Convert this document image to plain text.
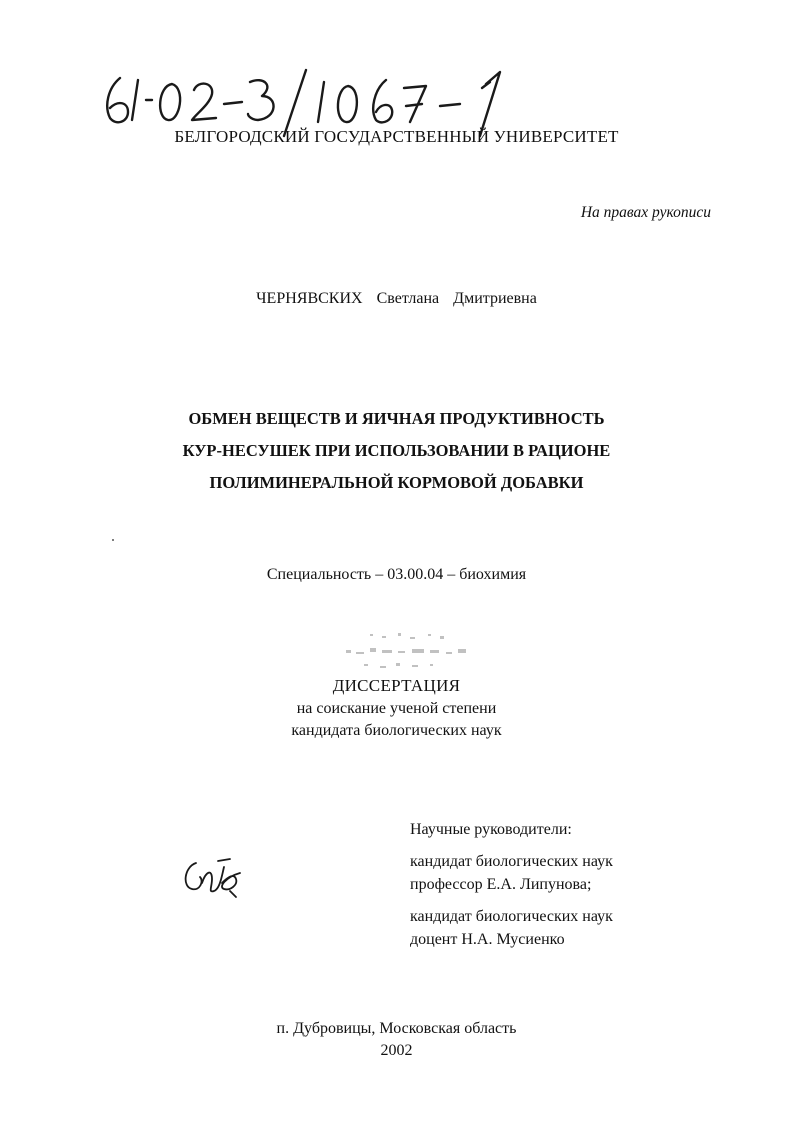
БЕЛГОРОДСКИЙ ГОСУДАРСТВЕННЫЙ УНИВЕРСИТЕТ
На правах рукописи
ЧЕРНЯВСКИХ Светлана Дмитриевна
ОБМЕН ВЕЩЕСТВ И ЯИЧНАЯ ПРОДУКТИВНОСТЬ
КУР-НЕСУШЕК ПРИ ИСПОЛЬЗОВАНИИ В РАЦИОНЕ
ПОЛИМИНЕРАЛЬНОЙ КОРМОВОЙ ДОБАВКИ
Специальность – 03.00.04 – биохимия
ДИССЕРТАЦИЯ
на соискание ученой степени
кандидата биологических наук
Научные руководители:
кандидат биологических наук
профессор Е.А. Липунова;
кандидат биологических наук
доцент Н.А. Мусиенко
п. Дубровицы, Московская область
2002
